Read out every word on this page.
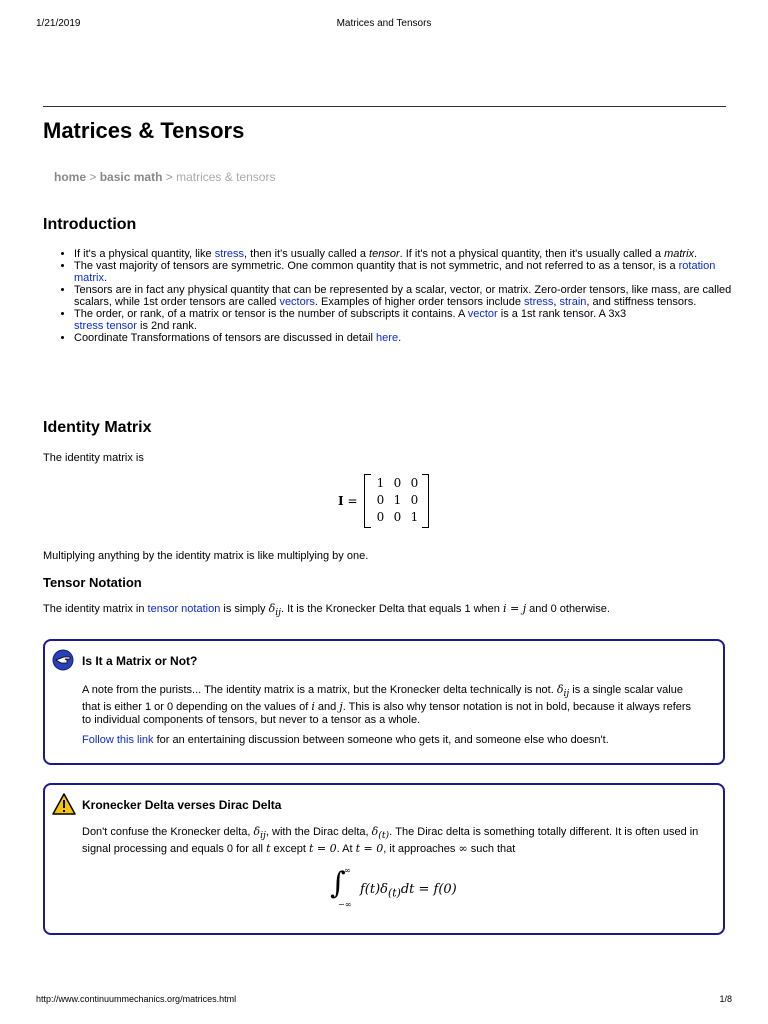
1/21/2019	Matrices and Tensors
Matrices & Tensors
home > basic math > matrices & tensors
Introduction
• If it's a physical quantity, like stress, then it's usually called a tensor. If it's not a physical quantity, then it's usually called a matrix.
• The vast majority of tensors are symmetric. One common quantity that is not symmetric, and not referred to as a tensor, is a rotation matrix.
• Tensors are in fact any physical quantity that can be represented by a scalar, vector, or matrix. Zero-order tensors, like mass, are called scalars, while 1st order tensors are called vectors. Examples of higher order tensors include stress, strain, and stiffness tensors.
• The order, or rank, of a matrix or tensor is the number of subscripts it contains. A vector is a 1st rank tensor. A 3x3
stress tensor is 2nd rank.
• Coordinate Transformations of tensors are discussed in detail here.
Identity Matrix
The identity matrix is
I =
1 0 0
0 1 0
0 0 1
Multiplying anything by the identity matrix is like multiplying by one.
Tensor Notation
The identity matrix in tensor notation is simply $\delta_{ij}$. It is the Kronecker Delta that equals 1 when i = j and 0 otherwise.
Is It a Matrix or Not?
A note from the purists... The identity matrix is a matrix, but the Kronecker delta technically is not. $\delta_{ij}$ is a single scalar value that is either 1 or 0 depending on the values of i and j. This is also why tensor notation is not in bold, because it always refers to individual components of tensors, but never to a tensor as a whole.
Follow this link for an entertaining discussion between someone who gets it, and someone else who doesn't.
Kronecker Delta verses Dirac Delta
Don't confuse the Kronecker delta, $\delta_{ij}$, with the Dirac delta, $\delta_{(t)}$. The Dirac delta is something totally different. It is often used in signal processing and equals 0 for all t except t = 0. At t = 0, it approaches ∞ such that
∫
∞
−∞
$f(t)\delta_{(t)}dt = f(0)$
http://www.continuummechanics.org/matrices.html	1/8
